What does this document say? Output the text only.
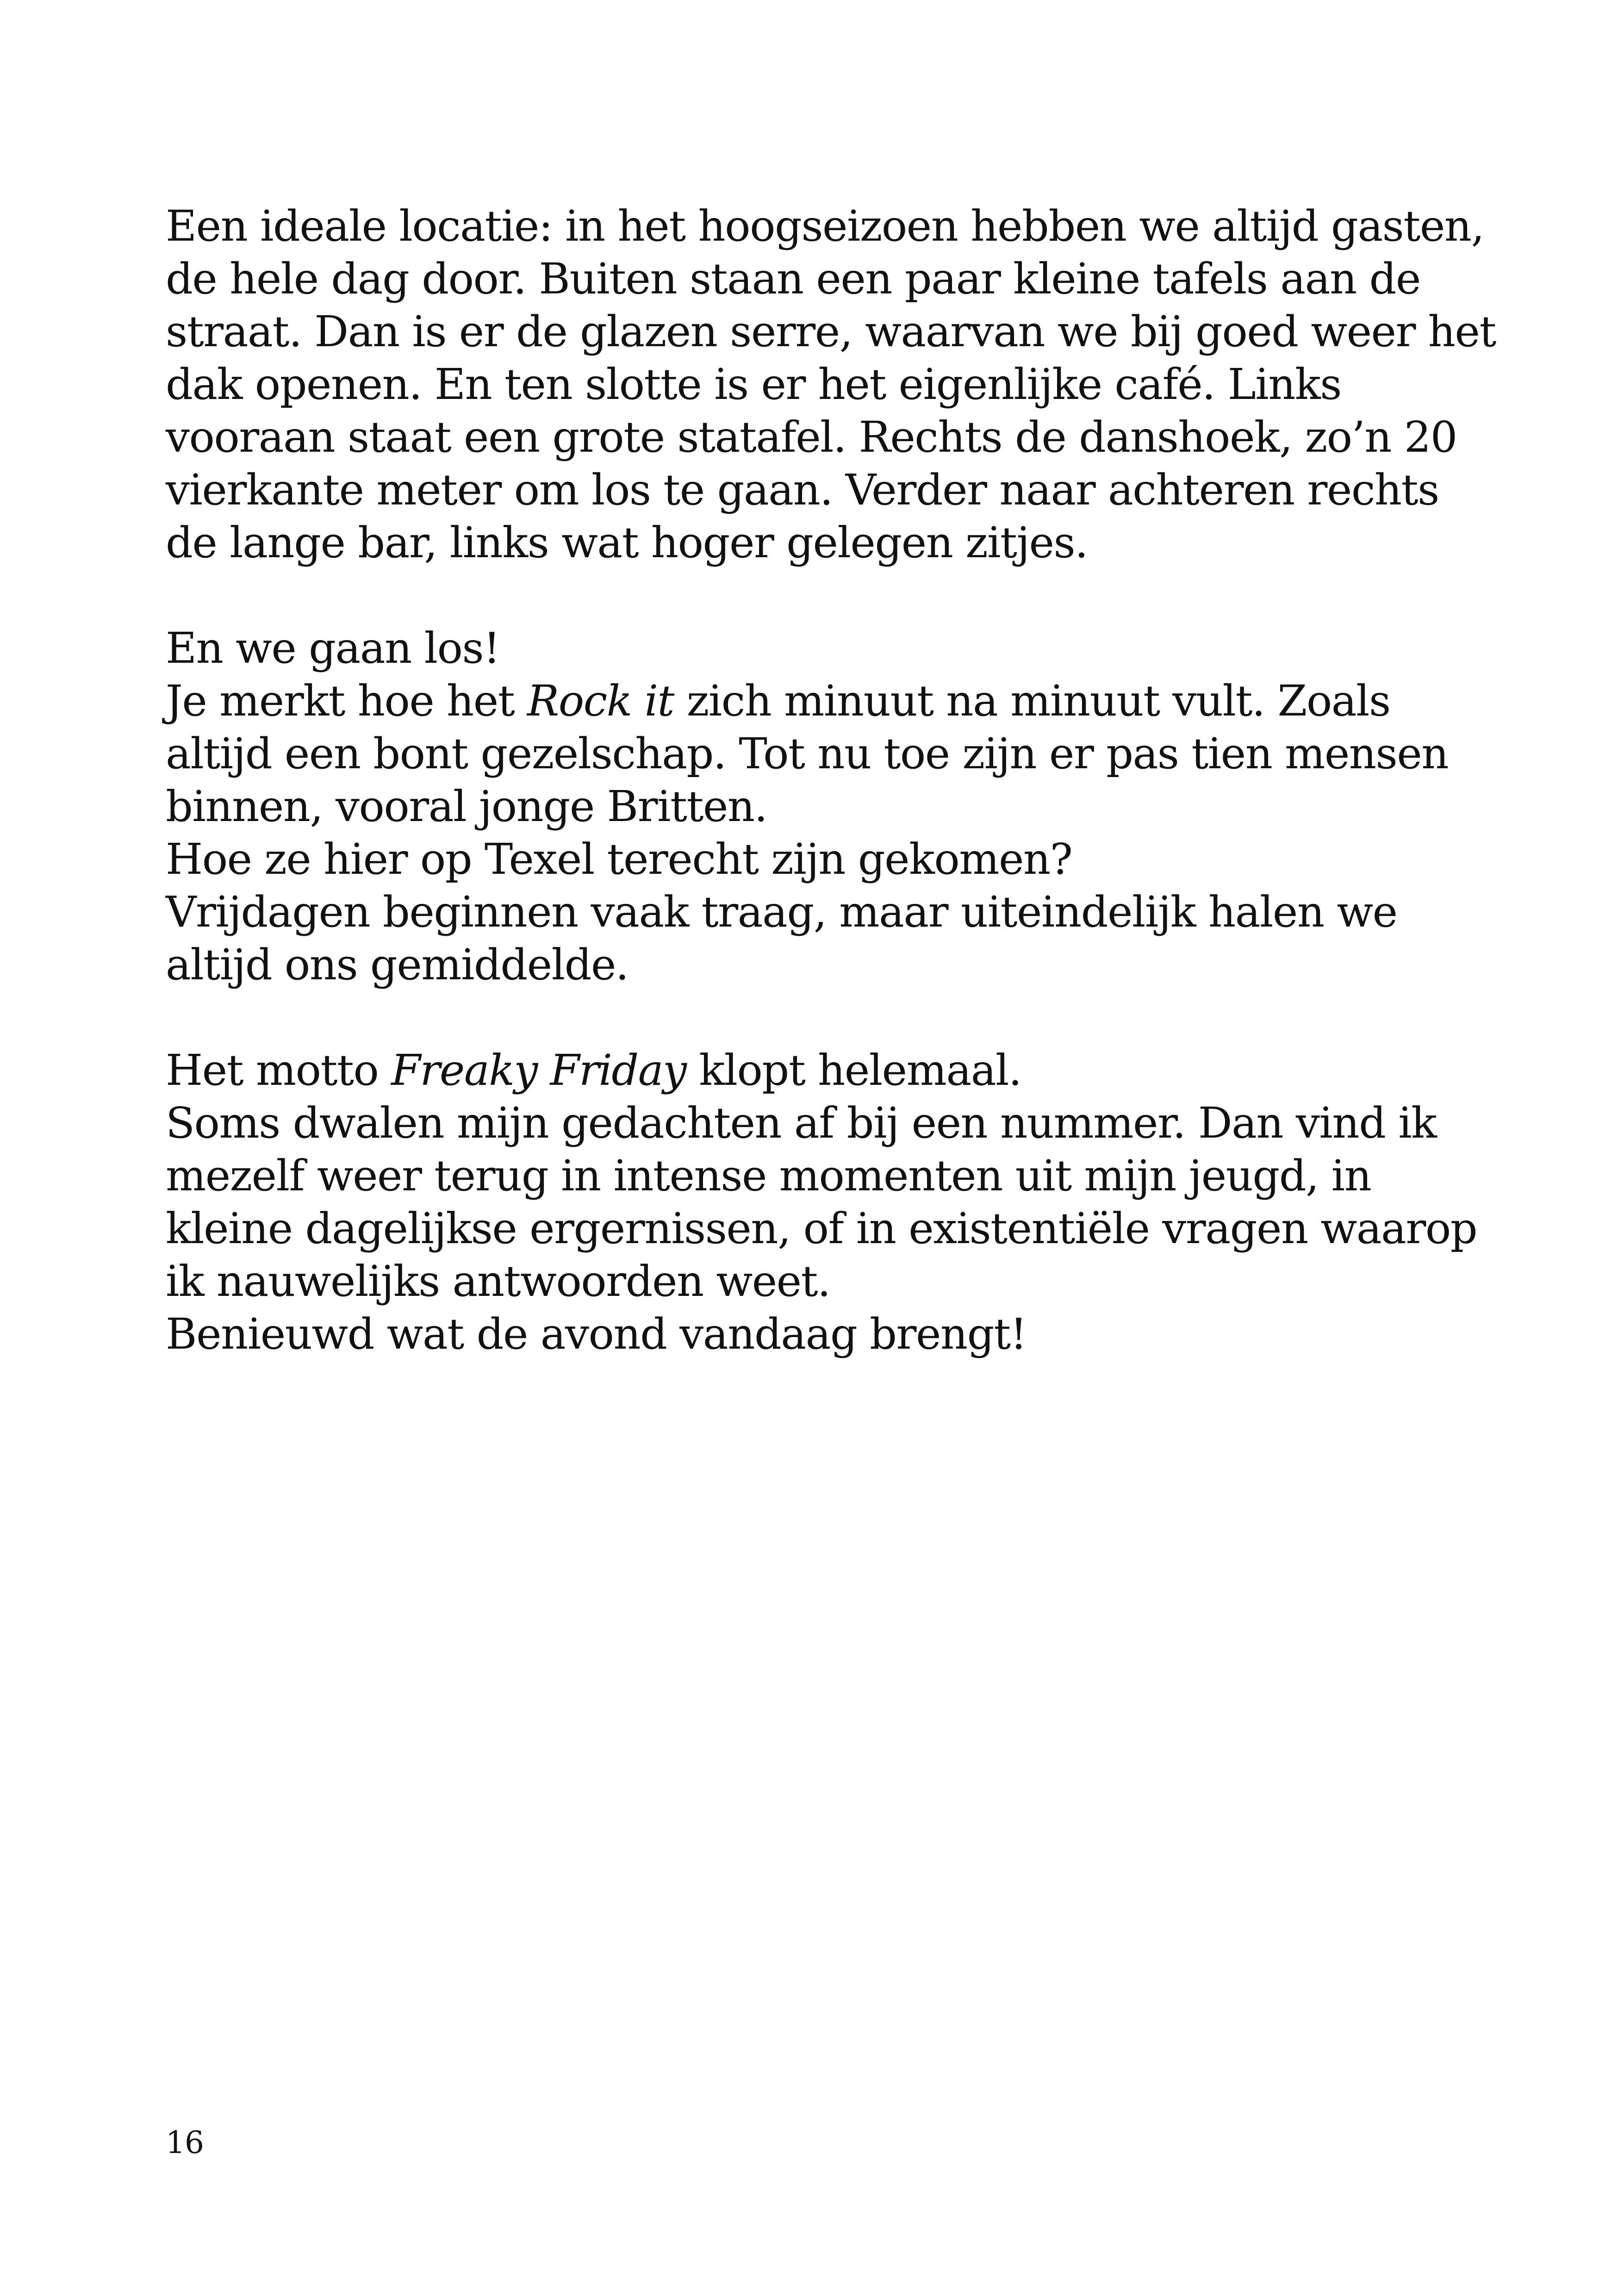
Een ideale locatie: in het hoogseizoen hebben we altijd gasten,
de hele dag door. Buiten staan een paar kleine tafels aan de
straat. Dan is er de glazen serre, waarvan we bij goed weer het
dak openen. En ten slotte is er het eigenlijke café. Links
vooraan staat een grote statafel. Rechts de danshoek, zo’n 20
vierkante meter om los te gaan. Verder naar achteren rechts
de lange bar, links wat hoger gelegen zitjes.

En we gaan los!
Je merkt hoe het Rock it zich minuut na minuut vult. Zoals
altijd een bont gezelschap. Tot nu toe zijn er pas tien mensen
binnen, vooral jonge Britten.
Hoe ze hier op Texel terecht zijn gekomen?
Vrijdagen beginnen vaak traag, maar uiteindelijk halen we
altijd ons gemiddelde.

Het motto Freaky Friday klopt helemaal.
Soms dwalen mijn gedachten af bij een nummer. Dan vind ik
mezelf weer terug in intense momenten uit mijn jeugd, in
kleine dagelijkse ergernissen, of in existentiële vragen waarop
ik nauwelijks antwoorden weet.
Benieuwd wat de avond vandaag brengt!

16
